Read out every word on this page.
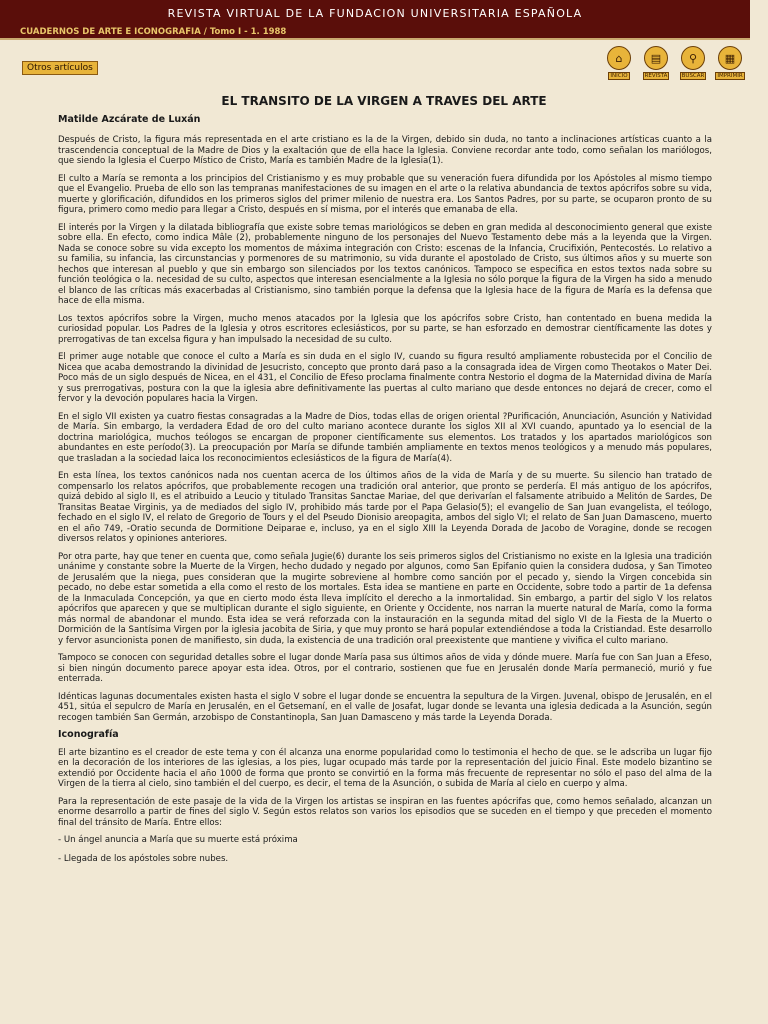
REVISTA VIRTUAL DE LA FUNDACION UNIVERSITARIA ESPAÑOLA
CUADERNOS DE ARTE E ICONOGRAFIA / Tomo I - 1. 1988
Otros artículos
⌂
INICIO
▤
REVISTA
⚲
BUSCAR
▦
IMPRIMIR
EL TRANSITO DE LA VIRGEN A TRAVES DEL ARTE
Matilde Azcárate de Luxán

Después de Cristo, la figura más representada en el arte cristiano es la de la Virgen, debido sin duda, no tanto a inclinaciones artísticas cuanto a la trascendencia conceptual de la Madre de Dios y la exaltación que de ella hace la Iglesia. Conviene recordar ante todo, como señalan los mariólogos, que siendo la Iglesia el Cuerpo Místico de Cristo, María es también Madre de la Iglesia(1).

El culto a María se remonta a los principios del Cristianismo y es muy probable que su veneración fuera difundida por los Apóstoles al mismo tiempo que el Evangelio. Prueba de ello son las tempranas manifestaciones de su imagen en el arte o la relativa abundancia de textos apócrifos sobre su vida, muerte y glorificación, difundidos en los primeros siglos del primer milenio de nuestra era. Los Santos Padres, por su parte, se ocuparon pronto de su figura, primero como medio para llegar a Cristo, después en sí misma, por el interés que emanaba de ella.

El interés por la Virgen y la dilatada bibliografía que existe sobre temas mariológicos se deben en gran medida al desconocimiento general que existe sobre ella. En efecto, como indica Mâle (2), probablemente ninguno de los personajes del Nuevo Testamento debe más a la leyenda que la Virgen. Nada se conoce sobre su vida excepto los momentos de máxima integración con Cristo: escenas de la Infancia, Crucifixión, Pentecostés. Lo relativo a su familia, su infancia, las circunstancias y pormenores de su matrimonio, su vida durante el apostolado de Cristo, sus últimos años y su muerte son hechos que interesan al pueblo y que sin embargo son silenciados por los textos canónicos. Tampoco se especifica en estos textos nada sobre su función teológica o la. necesidad de su culto, aspectos que interesan esencialmente a la Iglesia no sólo porque la figura de la Virgen ha sido a menudo el blanco de las críticas más exacerbadas al Cristianismo, sino también porque la defensa que la Iglesia hace de la figura de María es la defensa que hace de ella misma.

Los textos apócrifos sobre la Virgen, mucho menos atacados por la Iglesia que los apócrifos sobre Cristo, han contentado en buena medida la curiosidad popular. Los Padres de la Iglesia y otros escritores eclesiásticos, por su parte, se han esforzado en demostrar científicamente las dotes y prerrogativas de tan excelsa figura y han impulsado la necesidad de su culto.

El primer auge notable que conoce el culto a María es sin duda en el siglo IV, cuando su figura resultó ampliamente robustecida por el Concilio de Nicea que acaba demostrando la divinidad de Jesucristo, concepto que pronto dará paso a la consagrada idea de Virgen como Theotakos o Mater Dei. Poco más de un siglo después de Nicea, en el 431, el Concilio de Efeso proclama finalmente contra Nestorio el dogma de la Maternidad divina de María y sus prerrogativas, postura con la que la iglesia abre definitivamente las puertas al culto mariano que desde entonces no dejará de crecer, como el fervor y la devoción populares hacia la Virgen.

En el siglo VII existen ya cuatro fiestas consagradas a la Madre de Dios, todas ellas de origen oriental ?Purificación, Anunciación, Asunción y Natividad de María. Sin embargo, la verdadera Edad de oro del culto mariano acontece durante los siglos XII al XVI cuando, apuntado ya lo esencial de la doctrina mariológica, muchos teólogos se encargan de proponer científicamente sus elementos. Los tratados y los apartados mariológicos son abundantes en este período(3). La preocupación por María se difunde también ampliamente en textos menos teológicos y a menudo más populares, que trasladan a la sociedad laica los reconocimientos eclesiásticos de la figura de María(4).

En esta línea, los textos canónicos nada nos cuentan acerca de los últimos años de la vida de María y de su muerte. Su silencio han tratado de compensarlo los relatos apócrifos, que probablemente recogen una tradición oral anterior, que pronto se perdería. El más antiguo de los apócrifos, quizá debido al siglo II, es el atribuido a Leucio y titulado Transitas Sanctae Mariae, del que derivarían el falsamente atribuido a Melitón de Sardes, De Transitas Beatae Virginis, ya de mediados del siglo IV, prohibido más tarde por el Papa Gelasio(5); el evangelio de San Juan evangelista, el teólogo, fechado en el siglo IV, el relato de Gregorio de Tours y el del Pseudo Dionisio areopagita, ambos del siglo VI; el relato de San Juan Damasceno, muerto en el año 749, -Oratio secunda de Dormitione Deiparae e, incluso, ya en el siglo XIII la Leyenda Dorada de Jacobo de Voragine, donde se recogen diversos relatos y opiniones anteriores.

Por otra parte, hay que tener en cuenta que, como señala Jugie(6) durante los seis primeros siglos del Cristianismo no existe en la Iglesia una tradición unánime y constante sobre la Muerte de la Virgen, hecho dudado y negado por algunos, como San Epifanio quien la considera dudosa, y San Timoteo de Jerusalém que la niega, pues consideran que la mugirte sobreviene al hombre como sanción por el pecado y, siendo la Virgen concebida sin pecado, no debe estar sometida a ella como el resto de los mortales. Esta idea se mantiene en parte en Occidente, sobre todo a partir de 1a defensa de la Inmaculada Concepción, ya que en cierto modo ésta lleva implícito el derecho a la inmortalidad. Sin embargo, a partir del siglo V los relatos apócrifos que aparecen y que se multiplican durante el siglo siguiente, en Oriente y Occidente, nos narran la muerte natural de María, como la forma más normal de abandonar el mundo. Esta idea se verá reforzada con la instauración en la segunda mitad del siglo VI de la Fiesta de la Muerto o Dormición de la Santísima Virgen por la iglesia jacobita de Siria, y que muy pronto se hará popular extendiéndose a toda la Cristiandad. Este desarrollo y fervor asuncionista ponen de manifiesto, sin duda, la existencia de una tradición oral preexistente que mantiene y vivifica el culto mariano.

Tampoco se conocen con seguridad detalles sobre el lugar donde María pasa sus últimos años de vida y dónde muere. María fue con San Juan a Efeso, si bien ningún documento parece apoyar esta idea. Otros, por el contrario, sostienen que fue en Jerusalén donde María permaneció, murió y fue enterrada.

Idénticas lagunas documentales existen hasta el siglo V sobre el lugar donde se encuentra la sepultura de la Virgen. Juvenal, obispo de Jerusalén, en el 451, sitúa el sepulcro de María en Jerusalén, en el Getsemaní, en el valle de Josafat, lugar donde se levanta una iglesia dedicada a la Asunción, según recogen también San Germán, arzobispo de Constantinopla, San Juan Damasceno y más tarde la Leyenda Dorada.

Iconografía

El arte bizantino es el creador de este tema y con él alcanza una enorme popularidad como lo testimonia el hecho de que. se le adscriba un lugar fijo en la decoración de los interiores de las iglesias, a los pies, lugar ocupado más tarde por la representación del juicio Final. Este modelo bizantino se extendió por Occidente hacia el año 1000 de forma que pronto se convirtió en la forma más frecuente de representar no sólo el paso del alma de la Virgen de la tierra al cielo, sino también el del cuerpo, es decir, el tema de la Asunción, o subida de María al cielo en cuerpo y alma.

Para la representación de este pasaje de la vida de la Virgen los artistas se inspiran en las fuentes apócrifas que, como hemos señalado, alcanzan un enorme desarrollo a partir de fines del siglo V. Según estos relatos son varios los episodios que se suceden en el tiempo y que preceden el momento final del tránsito de María. Entre ellos:

- Un ángel anuncia a María que su muerte está próxima
- Llegada de los apóstoles sobre nubes.
